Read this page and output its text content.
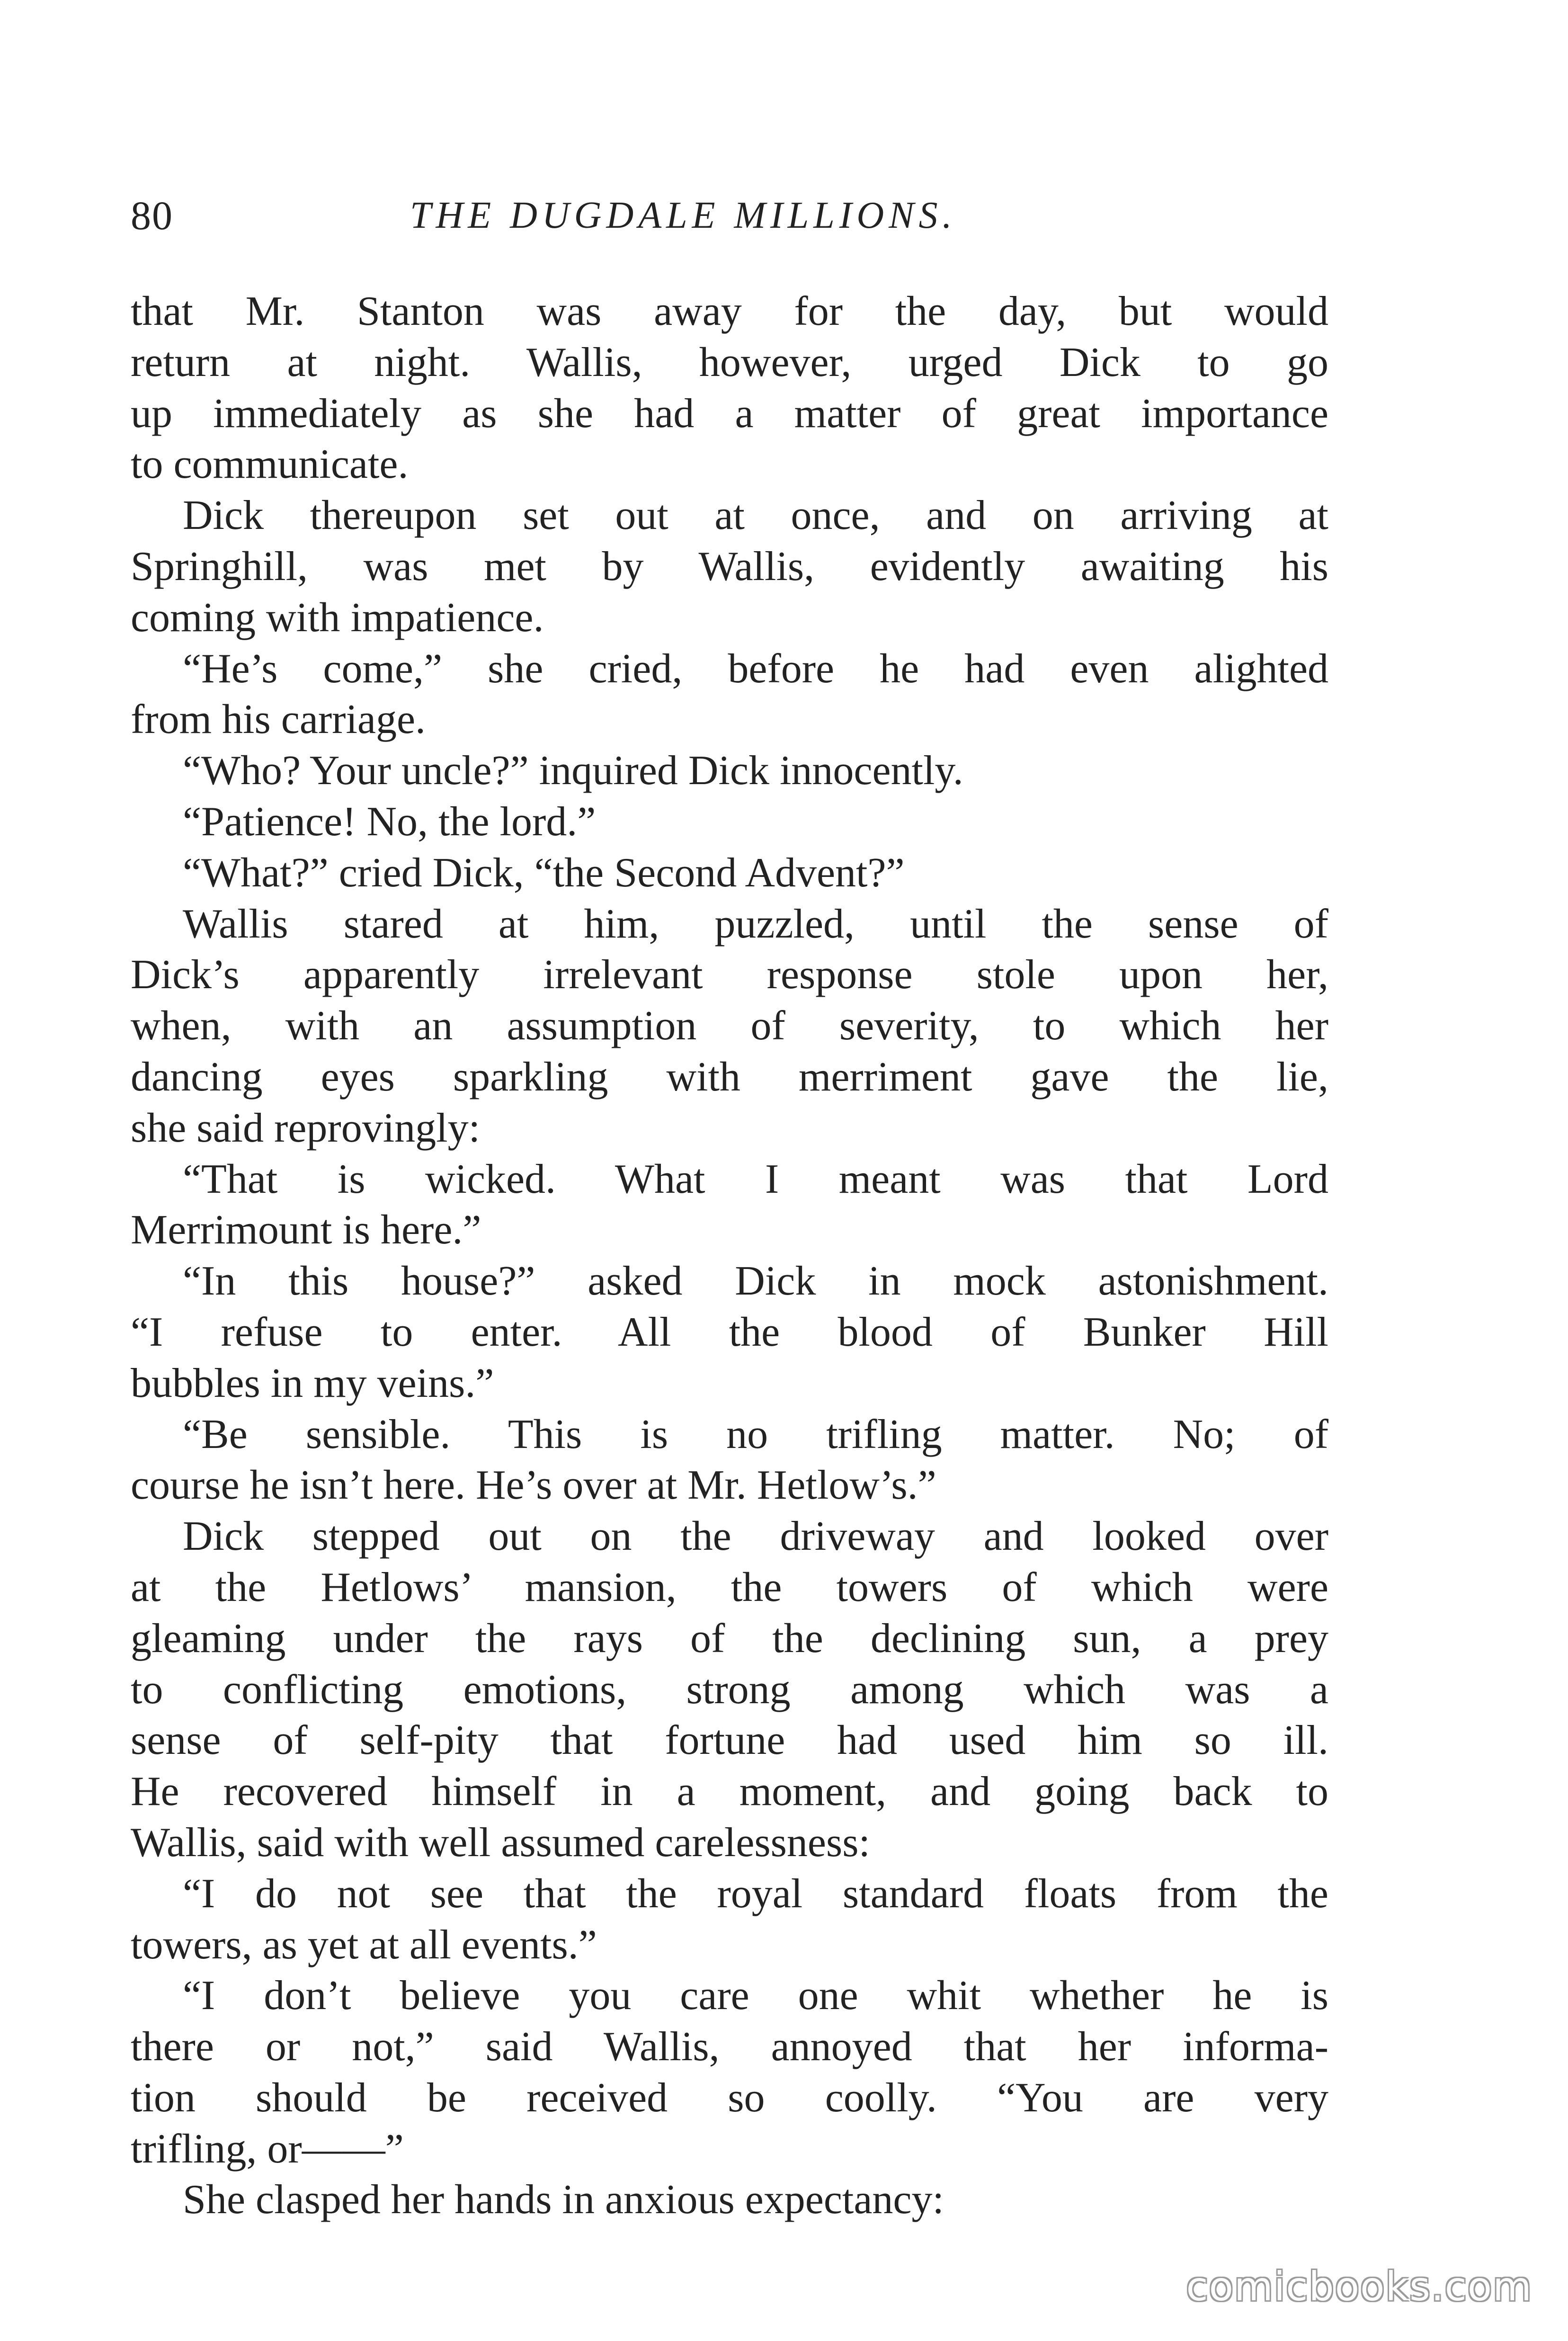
80	THE DUGDALE MILLIONS.
that Mr. Stanton was away for the day, but would
return at night. Wallis, however, urged Dick to go
up immediately as she had a matter of great importance
to communicate.
Dick thereupon set out at once, and on arriving at
Springhill, was met by Wallis, evidently awaiting his
coming with impatience.
“He’s come,” she cried, before he had even alighted
from his carriage.
“Who? Your uncle?” inquired Dick innocently.
“Patience! No, the lord.”
“What?” cried Dick, “the Second Advent?”
Wallis stared at him, puzzled, until the sense of
Dick’s apparently irrelevant response stole upon her,
when, with an assumption of severity, to which her
dancing eyes sparkling with merriment gave the lie,
she said reprovingly:
“That is wicked. What I meant was that Lord
Merrimount is here.”
“In this house?” asked Dick in mock astonishment.
“I refuse to enter. All the blood of Bunker Hill
bubbles in my veins.”
“Be sensible. This is no trifling matter. No; of
course he isn’t here. He’s over at Mr. Hetlow’s.”
Dick stepped out on the driveway and looked over
at the Hetlows’ mansion, the towers of which were
gleaming under the rays of the declining sun, a prey
to conflicting emotions, strong among which was a
sense of self-pity that fortune had used him so ill.
He recovered himself in a moment, and going back to
Wallis, said with well assumed carelessness:
“I do not see that the royal standard floats from the
towers, as yet at all events.”
“I don’t believe you care one whit whether he is
there or not,” said Wallis, annoyed that her informa-
tion should be received so coolly. “You are very
trifling, or——”
She clasped her hands in anxious expectancy:
comicbooks.com
